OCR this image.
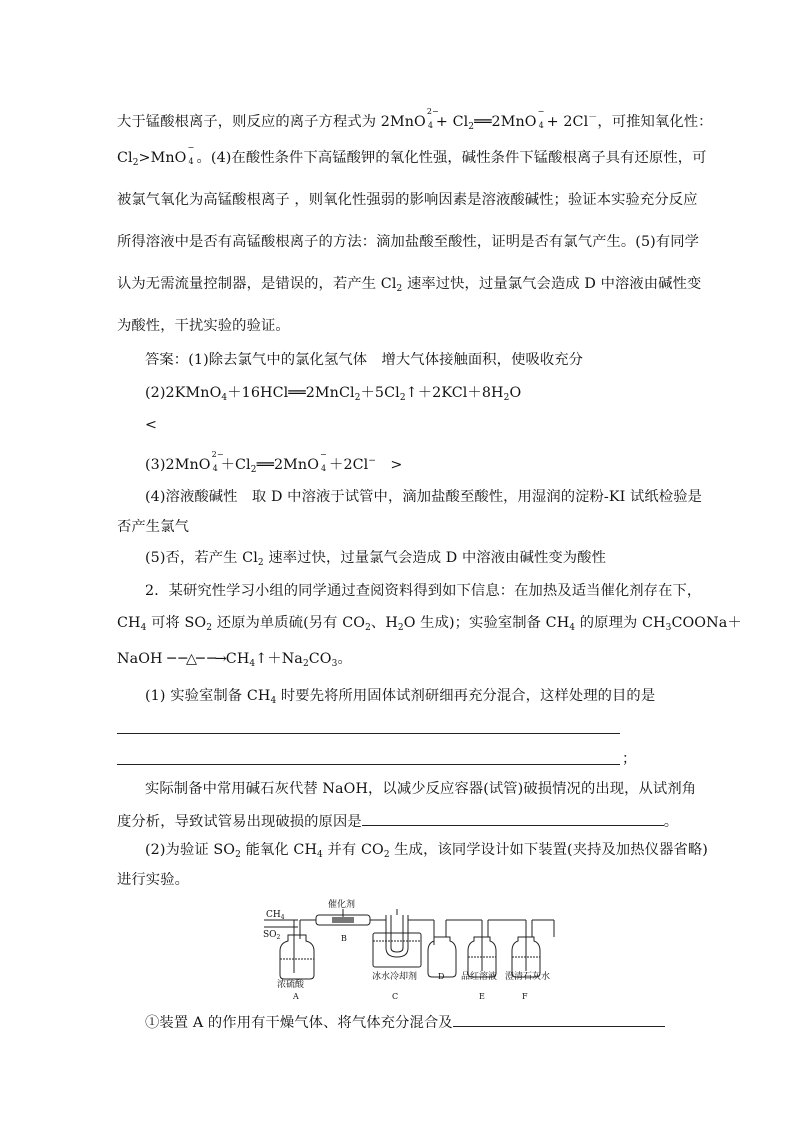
大于锰酸根离子，则反应的离子方程式为 2MnO
2−
$4 + Cl_2══2MnO$
−
4 + 2Cl－，可推知氧化性：
$Cl_2>MnO$
−
4 。(4)在酸性条件下高锰酸钾的氧化性强，碱性条件下锰酸根离子具有还原性，可
被氯气氧化为高锰酸根离子 ，则氧化性强弱的影响因素是溶液酸碱性；验证本实验充分反应
所得溶液中是否有高锰酸根离子的方法：滴加盐酸至酸性，证明是否有氯气产生。(5)有同学
认为无需流量控制器，是错误的，若产生 $Cl_2$ 速率过快，过量氯气会造成 D 中溶液由碱性变
为酸性，干扰实验的验证。
答案：(1)除去氯气中的氯化氢气体　增大气体接触面积，使吸收充分
$(2)2KMnO_4+16HCl══2MnCl_2+5Cl_2↑+2KCl+8H_2O$
<
(3)2MnO
2−
$4 +Cl_2══2MnO$
−
4 ＋2Cl−　>
(4)溶液酸碱性　取 D 中溶液于试管中，滴加盐酸至酸性，用湿润的淀粉-KI 试纸检验是
否产生氯气
(5)否，若产生 $Cl_2$ 速率过快，过量氯气会造成 D 中溶液由碱性变为酸性
2．某研究性学习小组的同学通过查阅资料得到如下信息：在加热及适当催化剂存在下，
$CH_4$ 可将 $SO_2$ 还原为单质硫(另有 $CO_2$、$H_2O$ 生成)；实验室制备 $CH_4$ 的原理为 $CH_3COONa+$
NaOH ─ ─△─ $─\to CH_4↑+Na_2CO_3$。
(1) 实验室制备 $CH_4$ 时要先将所用固体试剂研细再充分混合，这样处理的目的是
；
实际制备中常用碱石灰代替 NaOH，以减少反应容器(试管)破损情况的出现，从试剂角
度分析，导致试管易出现破损的原因是	。
(2)为验证 $SO_2$ 能氧化 $CH_4$ 并有 $CO_2$ 生成，该同学设计如下装置(夹持及加热仪器省略)
进行实验。
$CH_4$
$SO_2$
催化剂
B
浓硫酸
A
冰水冷却剂
C
D 品红溶液
E
澄清石灰水
F
①装置 A 的作用有干燥气体、将气体充分混合及
